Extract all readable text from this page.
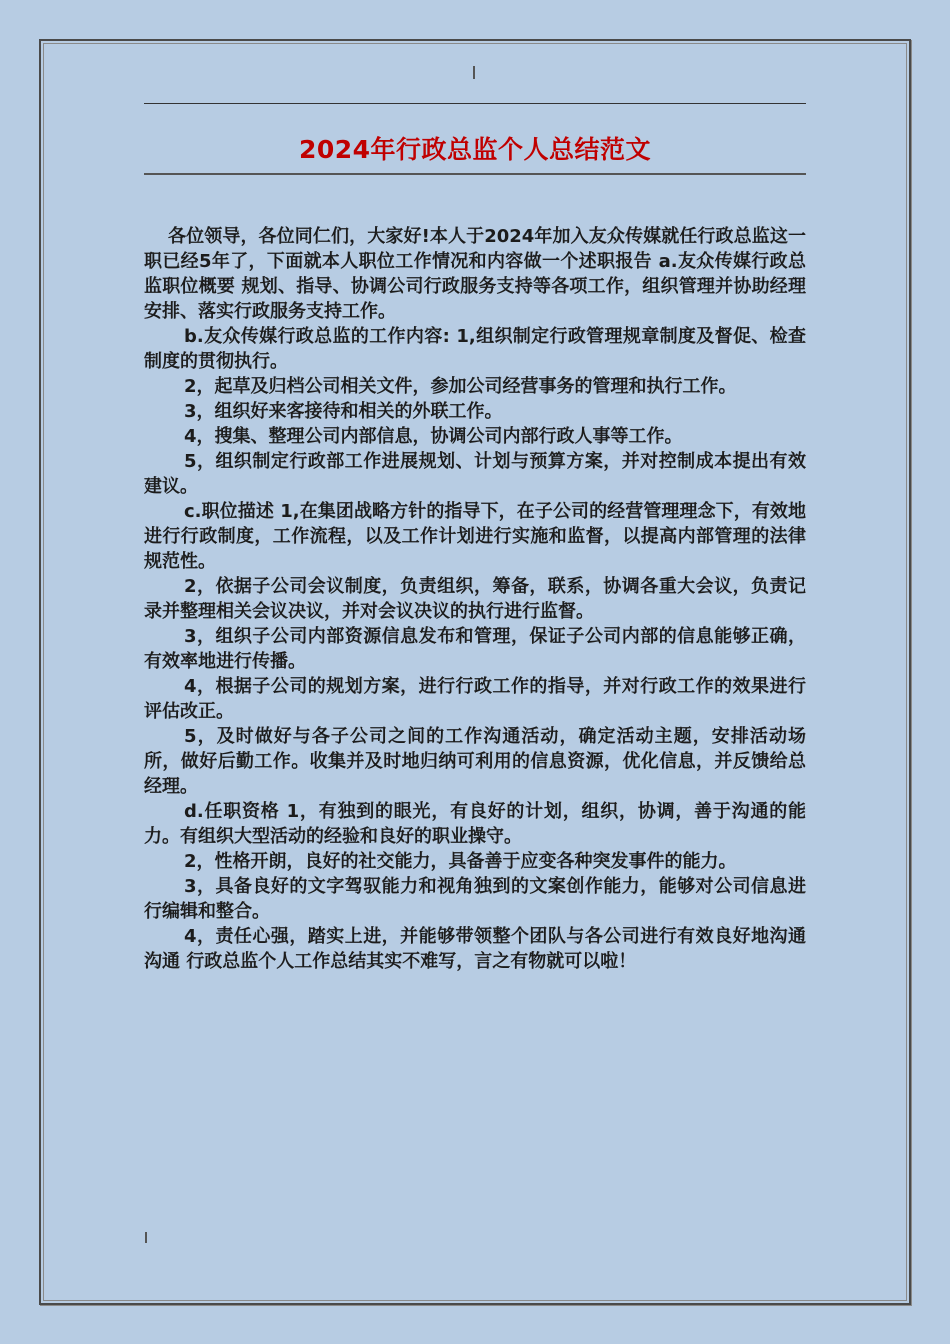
2024年行政总监个人总结范文

各位领导，各位同仁们，大家好!本人于2024年加入友众传媒就任行政总监这一职已经5年了，下面就本人职位工作情况和内容做一个述职报告 a.友众传媒行政总监职位概要 规划、指导、协调公司行政服务支持等各项工作，组织管理并协助经理安排、落实行政服务支持工作。

b.友众传媒行政总监的工作内容: 1,组织制定行政管理规章制度及督促、检查制度的贯彻执行。

2，起草及归档公司相关文件，参加公司经营事务的管理和执行工作。

3，组织好来客接待和相关的外联工作。

4，搜集、整理公司内部信息，协调公司内部行政人事等工作。

5，组织制定行政部工作进展规划、计划与预算方案，并对控制成本提出有效建议。

c.职位描述 1,在集团战略方针的指导下，在子公司的经营管理理念下，有效地进行行政制度，工作流程，以及工作计划进行实施和监督，以提高内部管理的法律规范性。

2，依据子公司会议制度，负责组织，筹备，联系，协调各重大会议，负责记录并整理相关会议决议，并对会议决议的执行进行监督。

3，组织子公司内部资源信息发布和管理，保证子公司内部的信息能够正确，有效率地进行传播。

4，根据子公司的规划方案，进行行政工作的指导，并对行政工作的效果进行评估改正。

5，及时做好与各子公司之间的工作沟通活动，确定活动主题，安排活动场所，做好后勤工作。收集并及时地归纳可利用的信息资源，优化信息，并反馈给总经理。

d.任职资格 1，有独到的眼光，有良好的计划，组织，协调，善于沟通的能力。有组织大型活动的经验和良好的职业操守。

2，性格开朗，良好的社交能力，具备善于应变各种突发事件的能力。

3，具备良好的文字驾驭能力和视角独到的文案创作能力，能够对公司信息进行编辑和整合。

4，责任心强，踏实上进，并能够带领整个团队与各公司进行有效良好地沟通沟通 行政总监个人工作总结其实不难写，言之有物就可以啦！
